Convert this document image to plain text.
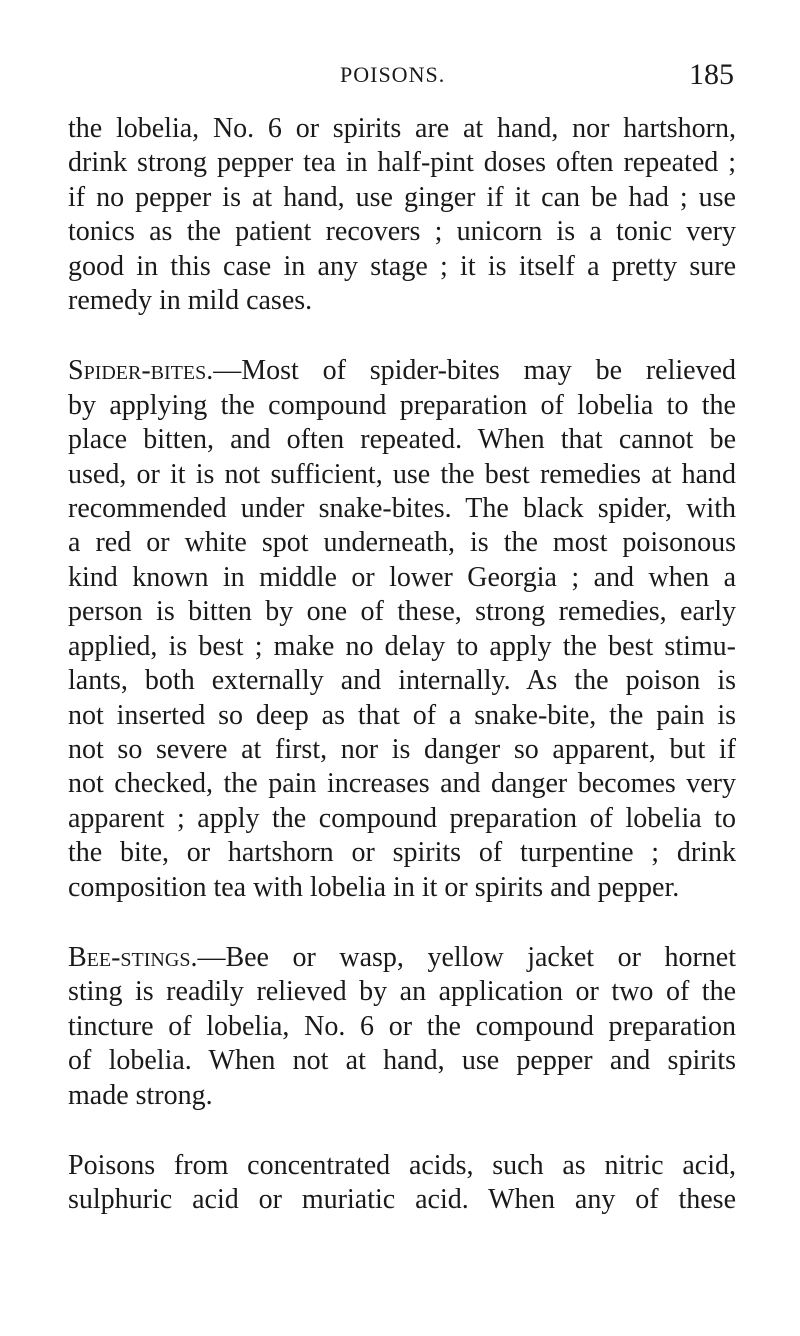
POISONS.	185
the lobelia, No. 6 or spirits are at hand, nor hartshorn,
drink strong pepper tea in half-pint doses often repeated ;
if no pepper is at hand, use ginger if it can be had ; use
tonics as the patient recovers ; unicorn is a tonic very
good in this case in any stage ; it is itself a pretty sure
remedy in mild cases.
Spider-bites.—Most of spider-bites may be relieved
by applying the compound preparation of lobelia to the
place bitten, and often repeated. When that cannot be
used, or it is not sufficient, use the best remedies at hand
recommended under snake-bites. The black spider, with
a red or white spot underneath, is the most poisonous
kind known in middle or lower Georgia ; and when a
person is bitten by one of these, strong remedies, early
applied, is best ; make no delay to apply the best stimu-
lants, both externally and internally. As the poison is
not inserted so deep as that of a snake-bite, the pain is
not so severe at first, nor is danger so apparent, but if
not checked, the pain increases and danger becomes very
apparent ; apply the compound preparation of lobelia to
the bite, or hartshorn or spirits of turpentine ; drink
composition tea with lobelia in it or spirits and pepper.
Bee-stings.—Bee or wasp, yellow jacket or hornet
sting is readily relieved by an application or two of the
tincture of lobelia, No. 6 or the compound preparation
of lobelia. When not at hand, use pepper and spirits
made strong.
Poisons from concentrated acids, such as nitric acid,
sulphuric acid or muriatic acid. When any of these
